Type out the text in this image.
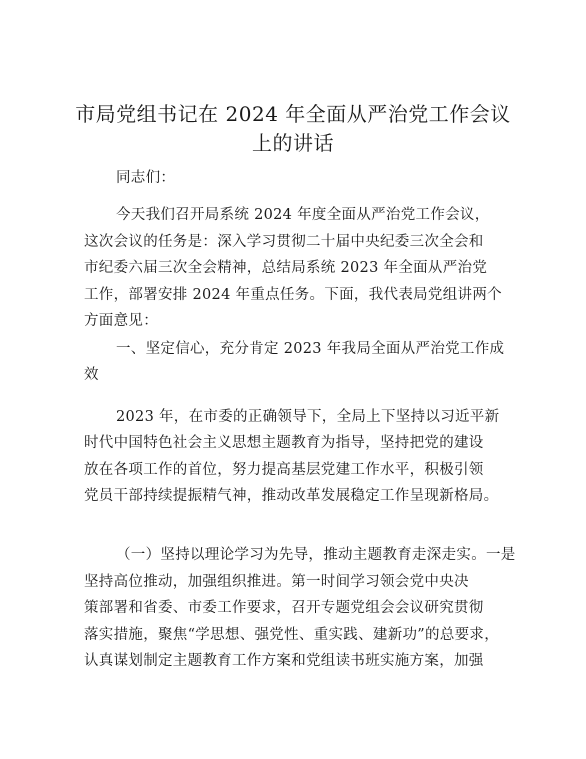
市局党组书记在 2024 年全面从严治党工作会议
上的讲话
同志们：
今天我们召开局系统 2024 年度全面从严治党工作会议，
这次会议的任务是：深入学习贯彻二十届中央纪委三次全会和
市纪委六届三次全会精神，总结局系统 2023 年全面从严治党
工作，部署安排 2024 年重点任务。下面，我代表局党组讲两个
方面意见：
一、坚定信心，充分肯定 2023 年我局全面从严治党工作成
效
2023 年，在市委的正确领导下，全局上下坚持以习近平新
时代中国特色社会主义思想主题教育为指导，坚持把党的建设
放在各项工作的首位，努力提高基层党建工作水平，积极引领
党员干部持续提振精气神，推动改革发展稳定工作呈现新格局。
（一）坚持以理论学习为先导，推动主题教育走深走实。一是
坚持高位推动，加强组织推进。第一时间学习领会党中央决
策部署和省委、市委工作要求，召开专题党组会会议研究贯彻
落实措施，聚焦“学思想、强党性、重实践、建新功”的总要求，
认真谋划制定主题教育工作方案和党组读书班实施方案，加强
